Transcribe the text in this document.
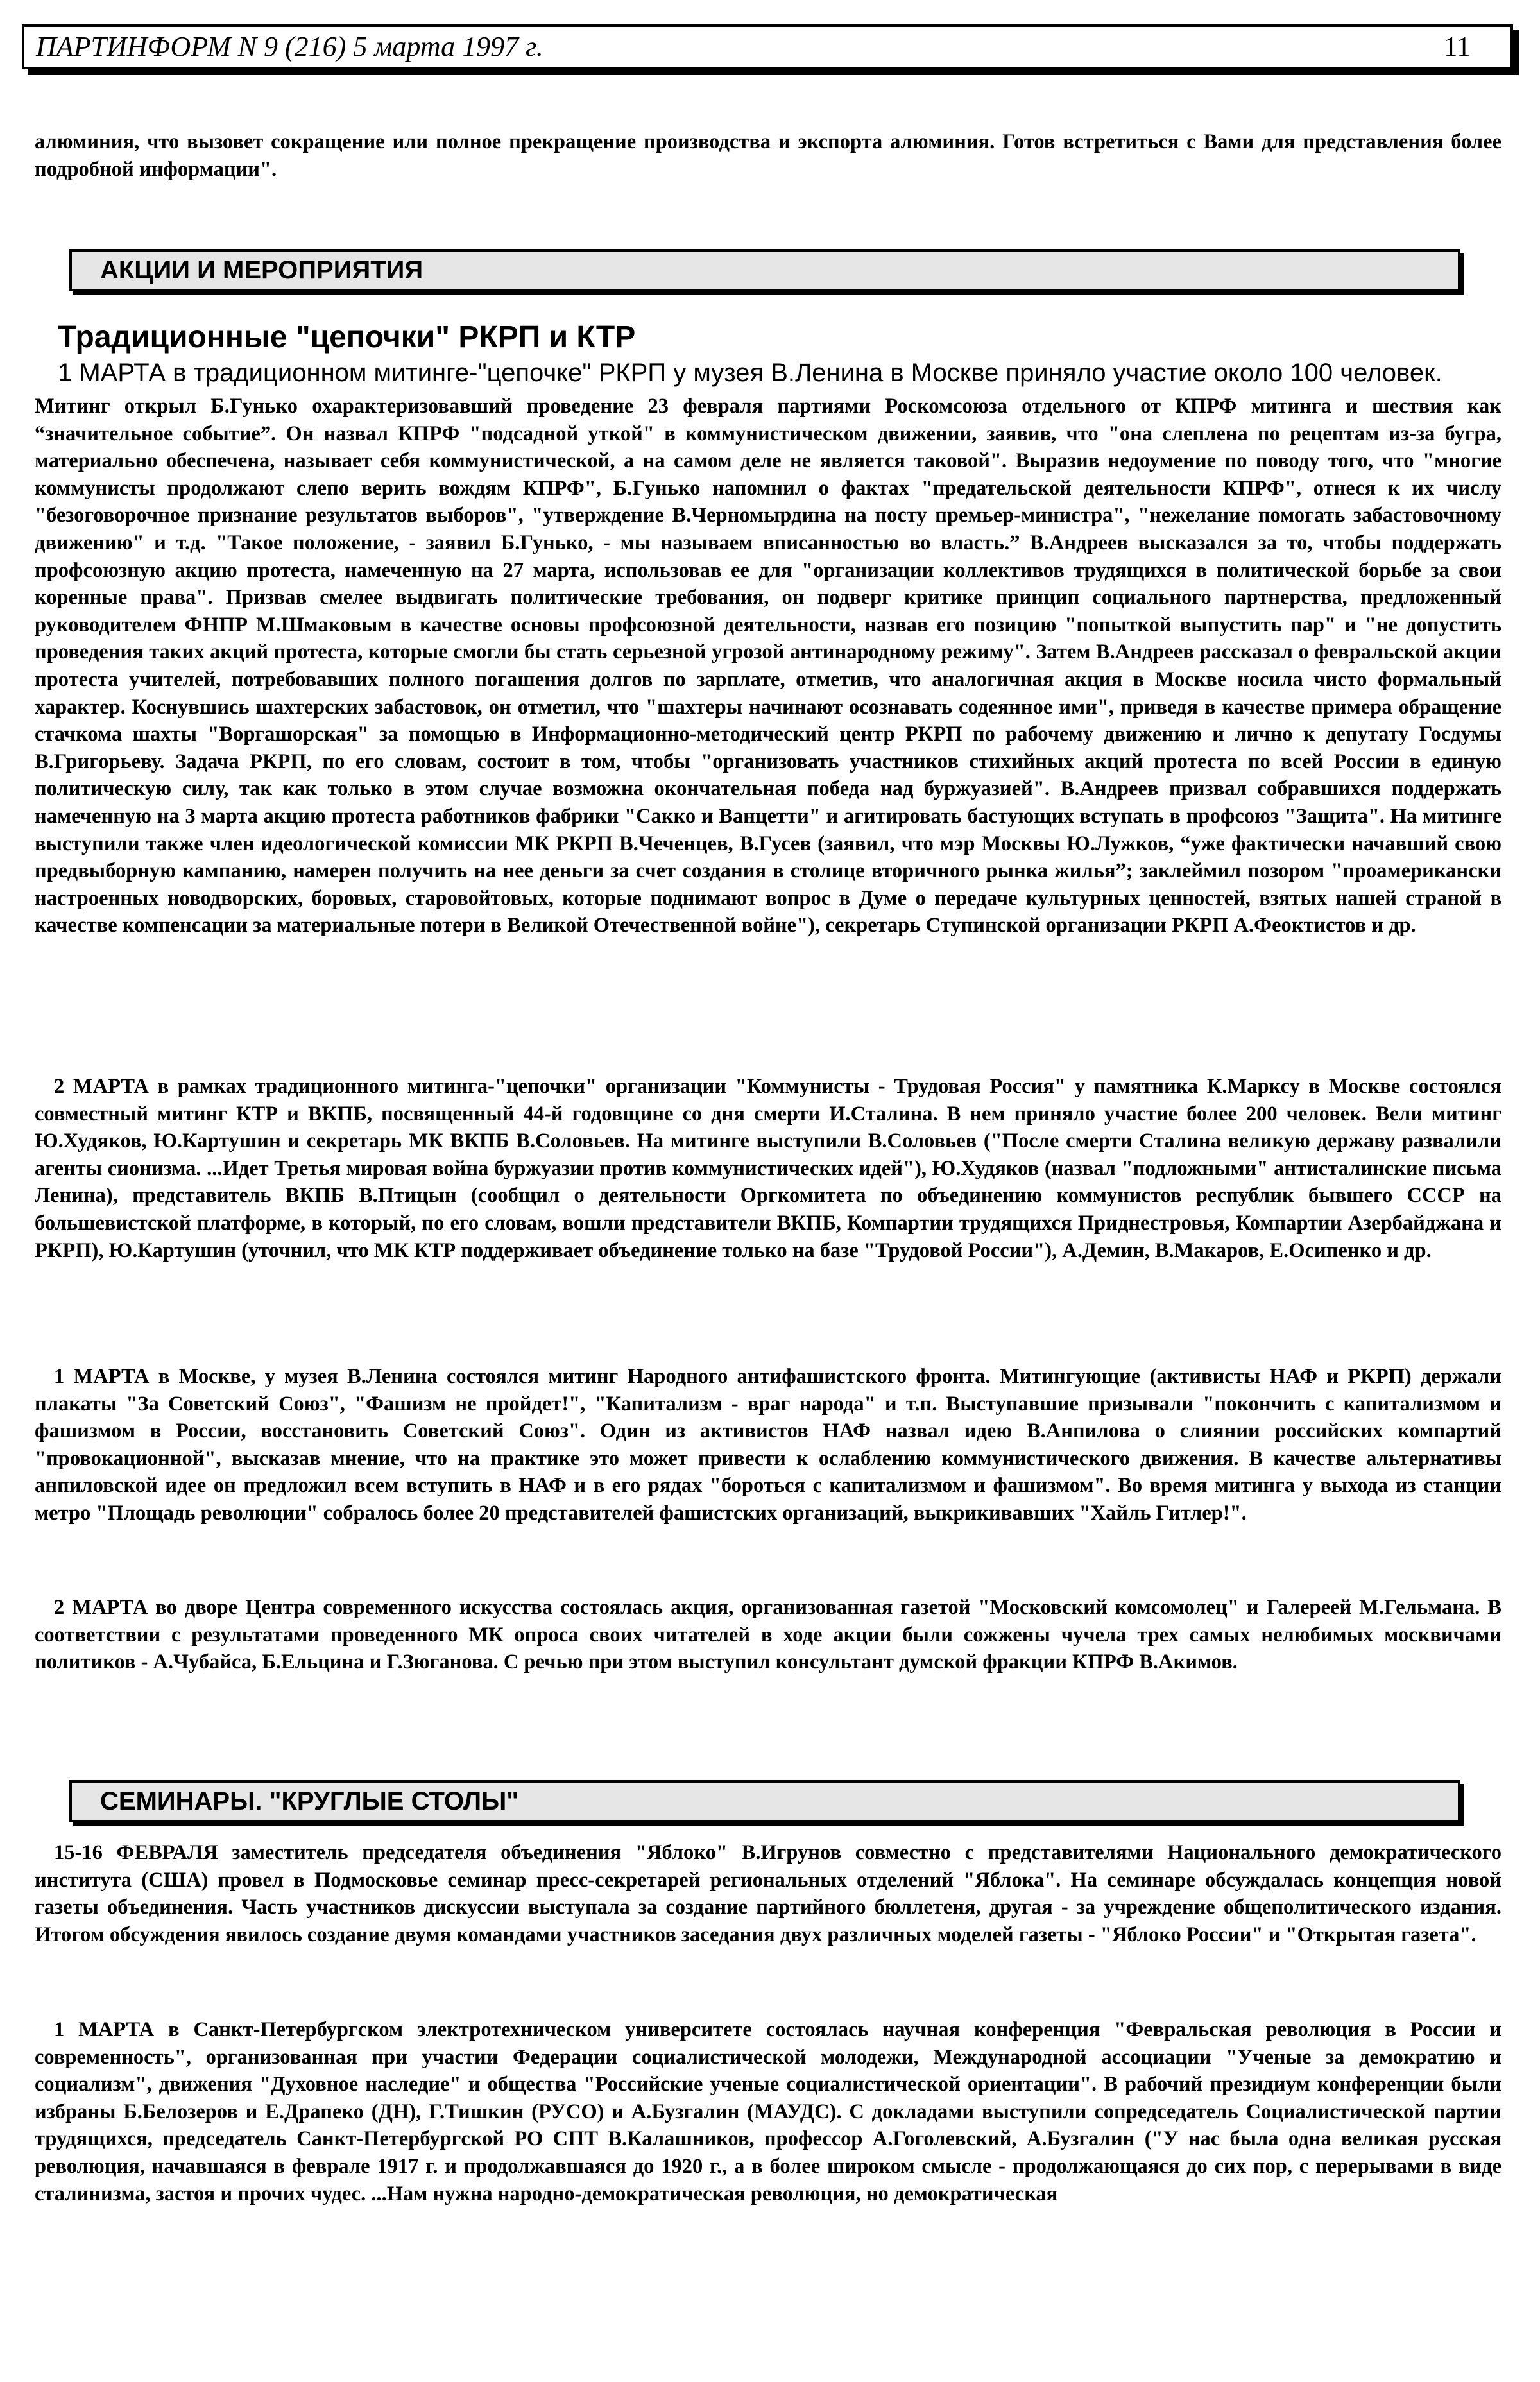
ПАРТИНФОРМ N 9 (216) 5 марта 1997 г.	11

алюминия, что вызовет сокращение или полное прекращение производства и экспорта алюминия. Готов встретиться с Вами для представления более подробной информации".

АКЦИИ И МЕРОПРИЯТИЯ
Традиционные "цепочки" РКРП и КТР
1 МАРТА в традиционном митинге-"цепочке" РКРП у музея В.Ленина в Москве приняло участие около 100 человек.

Митинг открыл Б.Гунько охарактеризовавший проведение 23 февраля партиями Роскомсоюза отдельного от КПРФ митинга и шествия как “значительное событие”. Он назвал КПРФ "подсадной уткой" в коммунистическом движении, заявив, что "она слеплена по рецептам из-за бугра, материально обеспечена, называет себя коммунистической, а на самом деле не является таковой". Выразив недоумение по поводу того, что "многие коммунисты продолжают слепо верить вождям КПРФ", Б.Гунько напомнил о фактах "предательской деятельности КПРФ", отнеся к их числу "безоговорочное признание результатов выборов", "утверждение В.Черномырдина на посту премьер-министра", "нежелание помогать забастовочному движению" и т.д. "Такое положение, - заявил Б.Гунько, - мы называем вписанностью во власть.” В.Андреев высказался за то, чтобы поддержать профсоюзную акцию протеста, намеченную на 27 марта, использовав ее для "организации коллективов трудящихся в политической борьбе за свои коренные права". Призвав смелее выдвигать политические требования, он подверг критике принцип социального партнерства, предложенный руководителем ФНПР М.Шмаковым в качестве основы профсоюзной деятельности, назвав его позицию "попыткой выпустить пар" и "не допустить проведения таких акций протеста, которые смогли бы стать серьезной угрозой антинародному режиму". Затем В.Андреев рассказал о февральской акции протеста учителей, потребовавших полного погашения долгов по зарплате, отметив, что аналогичная акция в Москве носила чисто формальный характер. Коснувшись шахтерских забастовок, он отметил, что "шахтеры начинают осознавать содеянное ими", приведя в качестве примера обращение стачкома шахты "Воргашорская" за помощью в Информационно-методический центр РКРП по рабочему движению и лично к депутату Госдумы В.Григорьеву. Задача РКРП, по его словам, состоит в том, чтобы "организовать участников стихийных акций протеста по всей России в единую политическую силу, так как только в этом случае возможна окончательная победа над буржуазией". В.Андреев призвал собравшихся поддержать намеченную на 3 марта акцию протеста работников фабрики "Сакко и Ванцетти" и агитировать бастующих вступать в профсоюз "Защита". На митинге выступили также член идеологической комиссии МК РКРП В.Чеченцев, В.Гусев (заявил, что мэр Москвы Ю.Лужков, “уже фактически начавший свою предвыборную кампанию, намерен получить на нее деньги за счет создания в столице вторичного рынка жилья”; заклеймил позором "проамерикански настроенных новодворских, боровых, старовойтовых, которые поднимают вопрос в Думе о передаче культурных ценностей, взятых нашей страной в качестве компенсации за материальные потери в Великой Отечественной войне"), секретарь Ступинской организации РКРП А.Феоктистов и др.

2 МАРТА в рамках традиционного митинга-"цепочки" организации "Коммунисты - Трудовая Россия" у памятника К.Марксу в Москве состоялся совместный митинг КТР и ВКПБ, посвященный 44-й годовщине со дня смерти И.Сталина. В нем приняло участие более 200 человек. Вели митинг Ю.Худяков, Ю.Картушин и секретарь МК ВКПБ В.Соловьев. На митинге выступили В.Соловьев ("После смерти Сталина великую державу развалили агенты сионизма. ...Идет Третья мировая война буржуазии против коммунистических идей"), Ю.Худяков (назвал "подложными" антисталинские письма Ленина), представитель ВКПБ В.Птицын (сообщил о деятельности Оргкомитета по объединению коммунистов республик бывшего СССР на большевистской платформе, в который, по его словам, вошли представители ВКПБ, Компартии трудящихся Приднестровья, Компартии Азербайджана и РКРП), Ю.Картушин (уточнил, что МК КТР поддерживает объединение только на базе "Трудовой России"), А.Демин, В.Макаров, Е.Осипенко и др.

1 МАРТА в Москве, у музея В.Ленина состоялся митинг Народного антифашистского фронта. Митингующие (активисты НАФ и РКРП) держали плакаты "За Советский Союз", "Фашизм не пройдет!", "Капитализм - враг народа" и т.п. Выступавшие призывали "покончить с капитализмом и фашизмом в России, восстановить Советский Союз". Один из активистов НАФ назвал идею В.Анпилова о слиянии российских компартий "провокационной", высказав мнение, что на практике это может привести к ослаблению коммунистического движения. В качестве альтернативы анпиловской идее он предложил всем вступить в НАФ и в его рядах "бороться с капитализмом и фашизмом". Во время митинга у выхода из станции метро "Площадь революции" собралось более 20 представителей фашистских организаций, выкрикивавших "Хайль Гитлер!".

2 МАРТА во дворе Центра современного искусства состоялась акция, организованная газетой "Московский комсомолец" и Галереей М.Гельмана. В соответствии с результатами проведенного МК опроса своих читателей в ходе акции были сожжены чучела трех самых нелюбимых москвичами политиков - А.Чубайса, Б.Ельцина и Г.Зюганова. С речью при этом выступил консультант думской фракции КПРФ В.Акимов.

СЕМИНАРЫ. "КРУГЛЫЕ СТОЛЫ"

15-16 ФЕВРАЛЯ заместитель председателя объединения "Яблоко" В.Игрунов совместно с представителями Национального демократического института (США) провел в Подмосковье семинар пресс-секретарей региональных отделений "Яблока". На семинаре обсуждалась концепция новой газеты объединения. Часть участников дискуссии выступала за создание партийного бюллетеня, другая - за учреждение общеполитического издания. Итогом обсуждения явилось создание двумя командами участников заседания двух различных моделей газеты - "Яблоко России" и "Открытая газета".

1 МАРТА в Санкт-Петербургском электротехническом университете состоялась научная конференция "Февральская революция в России и современность", организованная при участии Федерации социалистической молодежи, Международной ассоциации "Ученые за демократию и социализм", движения "Духовное наследие" и общества "Российские ученые социалистической ориентации". В рабочий президиум конференции были избраны Б.Белозеров и Е.Драпеко (ДН), Г.Тишкин (РУСО) и А.Бузгалин (МАУДС). С докладами выступили сопредседатель Социалистической партии трудящихся, председатель Санкт-Петербургской РО СПТ В.Калашников, профессор А.Гоголевский, А.Бузгалин ("У нас была одна великая русская революция, начавшаяся в феврале 1917 г. и продолжавшаяся до 1920 г., а в более широком смысле - продолжающаяся до сих пор, с перерывами в виде сталинизма, застоя и прочих чудес. ...Нам нужна народно-демократическая революция, но демократическая
